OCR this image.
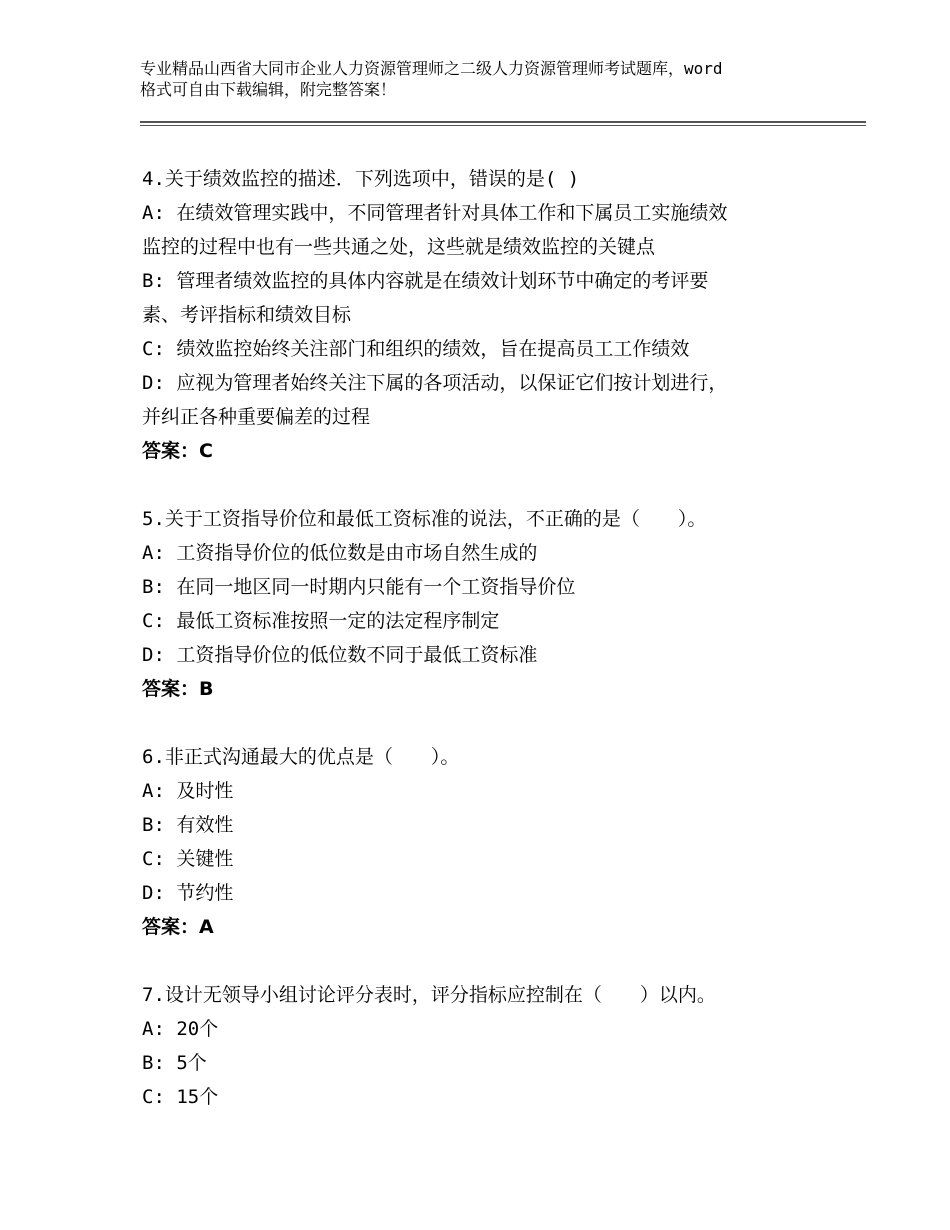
专业精品山西省大同市企业人力资源管理师之二级人力资源管理师考试题库，word
格式可自由下载编辑，附完整答案！
4.关于绩效监控的描述．下列选项中，错误的是( )
A: 在绩效管理实践中，不同管理者针对具体工作和下属员工实施绩效
监控的过程中也有一些共通之处，这些就是绩效监控的关键点
B: 管理者绩效监控的具体内容就是在绩效计划环节中确定的考评要
素、考评指标和绩效目标
C: 绩效监控始终关注部门和组织的绩效，旨在提高员工工作绩效
D: 应视为管理者始终关注下属的各项活动，以保证它们按计划进行，
并纠正各种重要偏差的过程
答案：C
5.关于工资指导价位和最低工资标准的说法，不正确的是（　　）。
A: 工资指导价位的低位数是由市场自然生成的
B: 在同一地区同一时期内只能有一个工资指导价位
C: 最低工资标准按照一定的法定程序制定
D: 工资指导价位的低位数不同于最低工资标准
答案：B
6.非正式沟通最大的优点是（　　）。
A: 及时性
B: 有效性
C: 关键性
D: 节约性
答案：A
7.设计无领导小组讨论评分表时，评分指标应控制在（　　）以内。
A: 20个
B: 5个
C: 15个
